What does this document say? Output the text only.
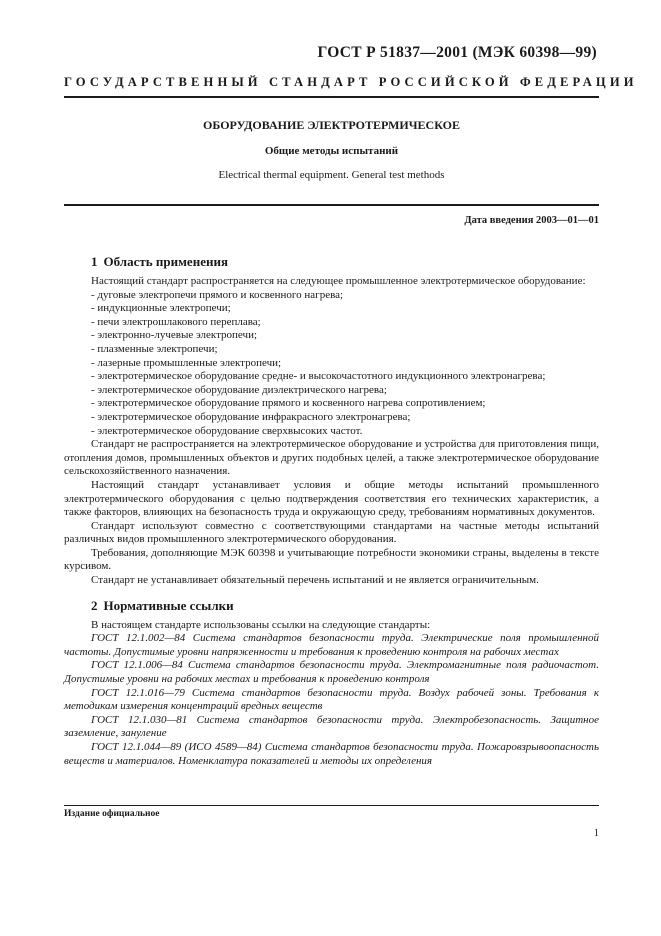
ГОСТ Р 51837—2001 (МЭК 60398—99)

ГОСУДАРСТВЕННЫЙ СТАНДАРТ РОССИЙСКОЙ ФЕДЕРАЦИИ

ОБОРУДОВАНИЕ ЭЛЕКТРОТЕРМИЧЕСКОЕ

Общие методы испытаний

Electrical thermal equipment. General test methods

Дата введения 2003—01—01

1 Область применения

Настоящий стандарт распространяется на следующее промышленное электротермическое оборудование:

- дуговые электропечи прямого и косвенного нагрева;

- индукционные электропечи;

- печи электрошлакового переплава;

- электронно-лучевые электропечи;

- плазменные электропечи;

- лазерные промышленные электропечи;

- электротермическое оборудование средне- и высокочастотного индукционного электронагрева;

- электротермическое оборудование диэлектрического нагрева;

- электротермическое оборудование прямого и косвенного нагрева сопротивлением;

- электротермическое оборудование инфракрасного электронагрева;

- электротермическое оборудование сверхвысоких частот.

Стандарт не распространяется на электротермическое оборудование и устройства для приготовления пищи, отопления домов, промышленных объектов и других подобных целей, а также электротермическое оборудование сельскохозяйственного назначения.

Настоящий стандарт устанавливает условия и общие методы испытаний промышленного электротермического оборудования с целью подтверждения соответствия его технических характеристик, а также факторов, влияющих на безопасность труда и окружающую среду, требованиям нормативных документов.

Стандарт используют совместно с соответствующими стандартами на частные методы испытаний различных видов промышленного электротермического оборудования.

Требования, дополняющие МЭК 60398 и учитывающие потребности экономики страны, выделены в тексте курсивом.

Стандарт не устанавливает обязательный перечень испытаний и не является ограничительным.

2 Нормативные ссылки

В настоящем стандарте использованы ссылки на следующие стандарты:

ГОСТ 12.1.002—84 Система стандартов безопасности труда. Электрические поля промышленной частоты. Допустимые уровни напряженности и требования к проведению контроля на рабочих местах

ГОСТ 12.1.006—84 Система стандартов безопасности труда. Электромагнитные поля радиочастот. Допустимые уровни на рабочих местах и требования к проведению контроля

ГОСТ 12.1.016—79 Система стандартов безопасности труда. Воздух рабочей зоны. Требования к методикам измерения концентраций вредных веществ

ГОСТ 12.1.030—81 Система стандартов безопасности труда. Электробезопасность. Защитное заземление, зануление

ГОСТ 12.1.044—89 (ИСО 4589—84) Система стандартов безопасности труда. Пожаровзрывоопасность веществ и материалов. Номенклатура показателей и методы их определения

Издание официальное

1
